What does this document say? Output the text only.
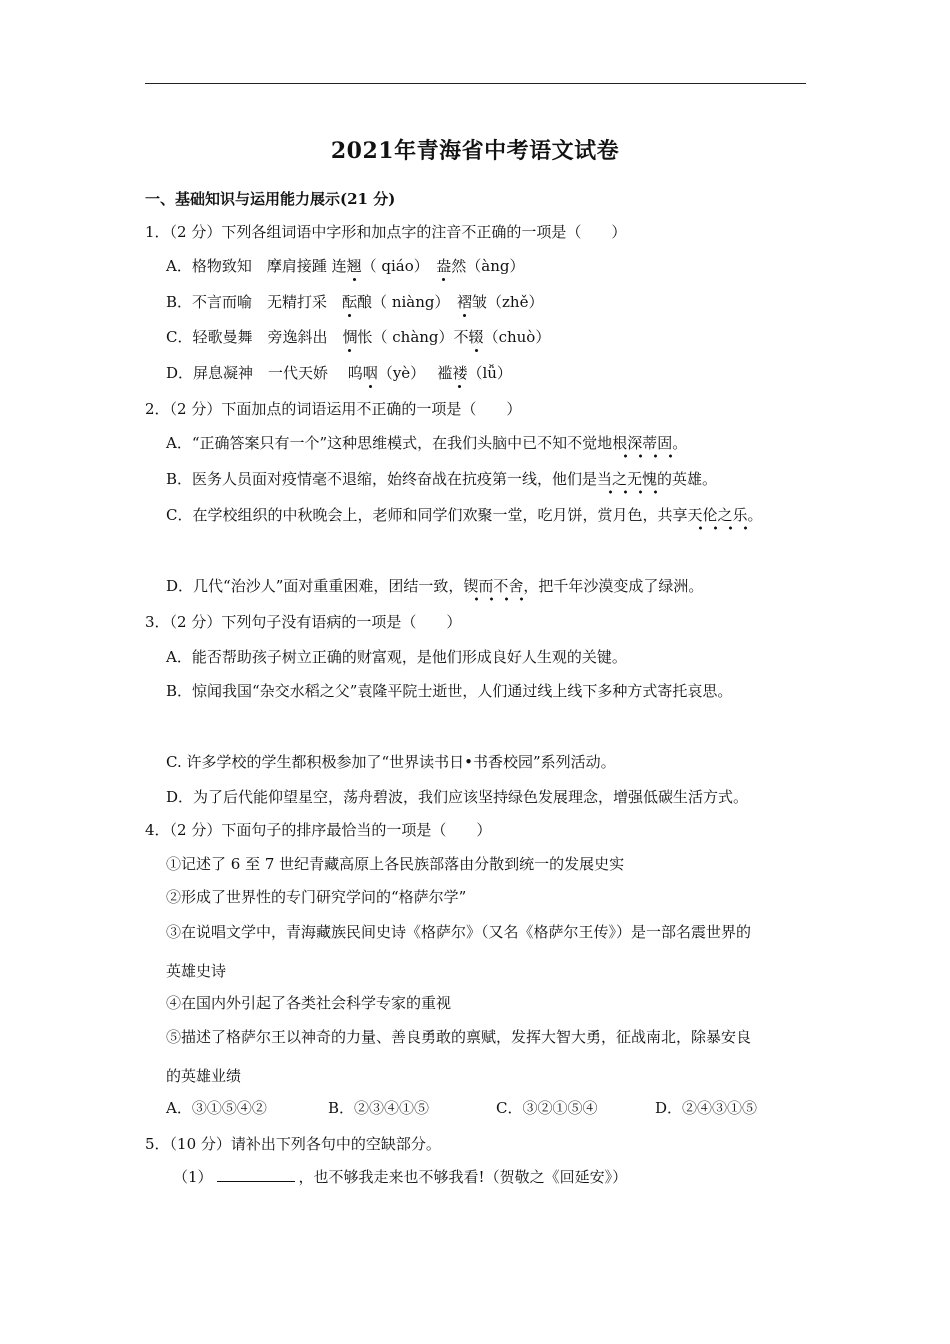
2021年青海省中考语文试卷
一、基础知识与运用能力展示(21 分)
1．（2 分）下列各组词语中字形和加点字的注音不正确的一项是（　　）
A．格物致知　摩肩接踵 连翘（ qiáo）　盎然（àng）
B．不言而喻　无精打采　酝酿（ niàng）　褶皱（zhě）
C．轻歌曼舞　旁逸斜出　惆怅（ chàng）不辍（chuò）
D．屏息凝神　一代天娇　 呜咽（yè）　 褴褛（lǚ）
2．（2 分）下面加点的词语运用不正确的一项是（　　）
A．“正确答案只有一个”这种思维模式，在我们头脑中已不知不觉地根深蒂固。
B．医务人员面对疫情毫不退缩，始终奋战在抗疫第一线，他们是当之无愧的英雄。
C．在学校组织的中秋晚会上，老师和同学们欢聚一堂，吃月饼，赏月色，共享天伦之乐。
D．几代“治沙人”面对重重困难，团结一致，锲而不舍，把千年沙漠变成了绿洲。
3．（2 分）下列句子没有语病的一项是（　　）
A．能否帮助孩子树立正确的财富观，是他们形成良好人生观的关键。
B．惊闻我国“杂交水稻之父”袁隆平院士逝世，人们通过线上线下多种方式寄托哀思。
C. 许多学校的学生都积极参加了“世界读书日•书香校园”系列活动。
D．为了后代能仰望星空，荡舟碧波，我们应该坚持绿色发展理念，增强低碳生活方式。
4．（2 分）下面句子的排序最恰当的一项是（　　）
①记述了 6 至 7 世纪青藏高原上各民族部落由分散到统一的发展史实
②形成了世界性的专门研究学问的“格萨尔学”
③在说唱文学中，青海藏族民间史诗《格萨尔》（又名《格萨尔王传》）是一部名震世界的
英雄史诗
④在国内外引起了各类社会科学专家的重视
⑤描述了格萨尔王以神奇的力量、善良勇敢的禀赋，发挥大智大勇，征战南北，除暴安良
的英雄业绩
A．③①⑤④②	B．②③④①⑤	C．③②①⑤④	D．②④③①⑤
5．（10 分）请补出下列各句中的空缺部分。
（1）	，也不够我走来也不够我看!（贺敬之《回延安》）
